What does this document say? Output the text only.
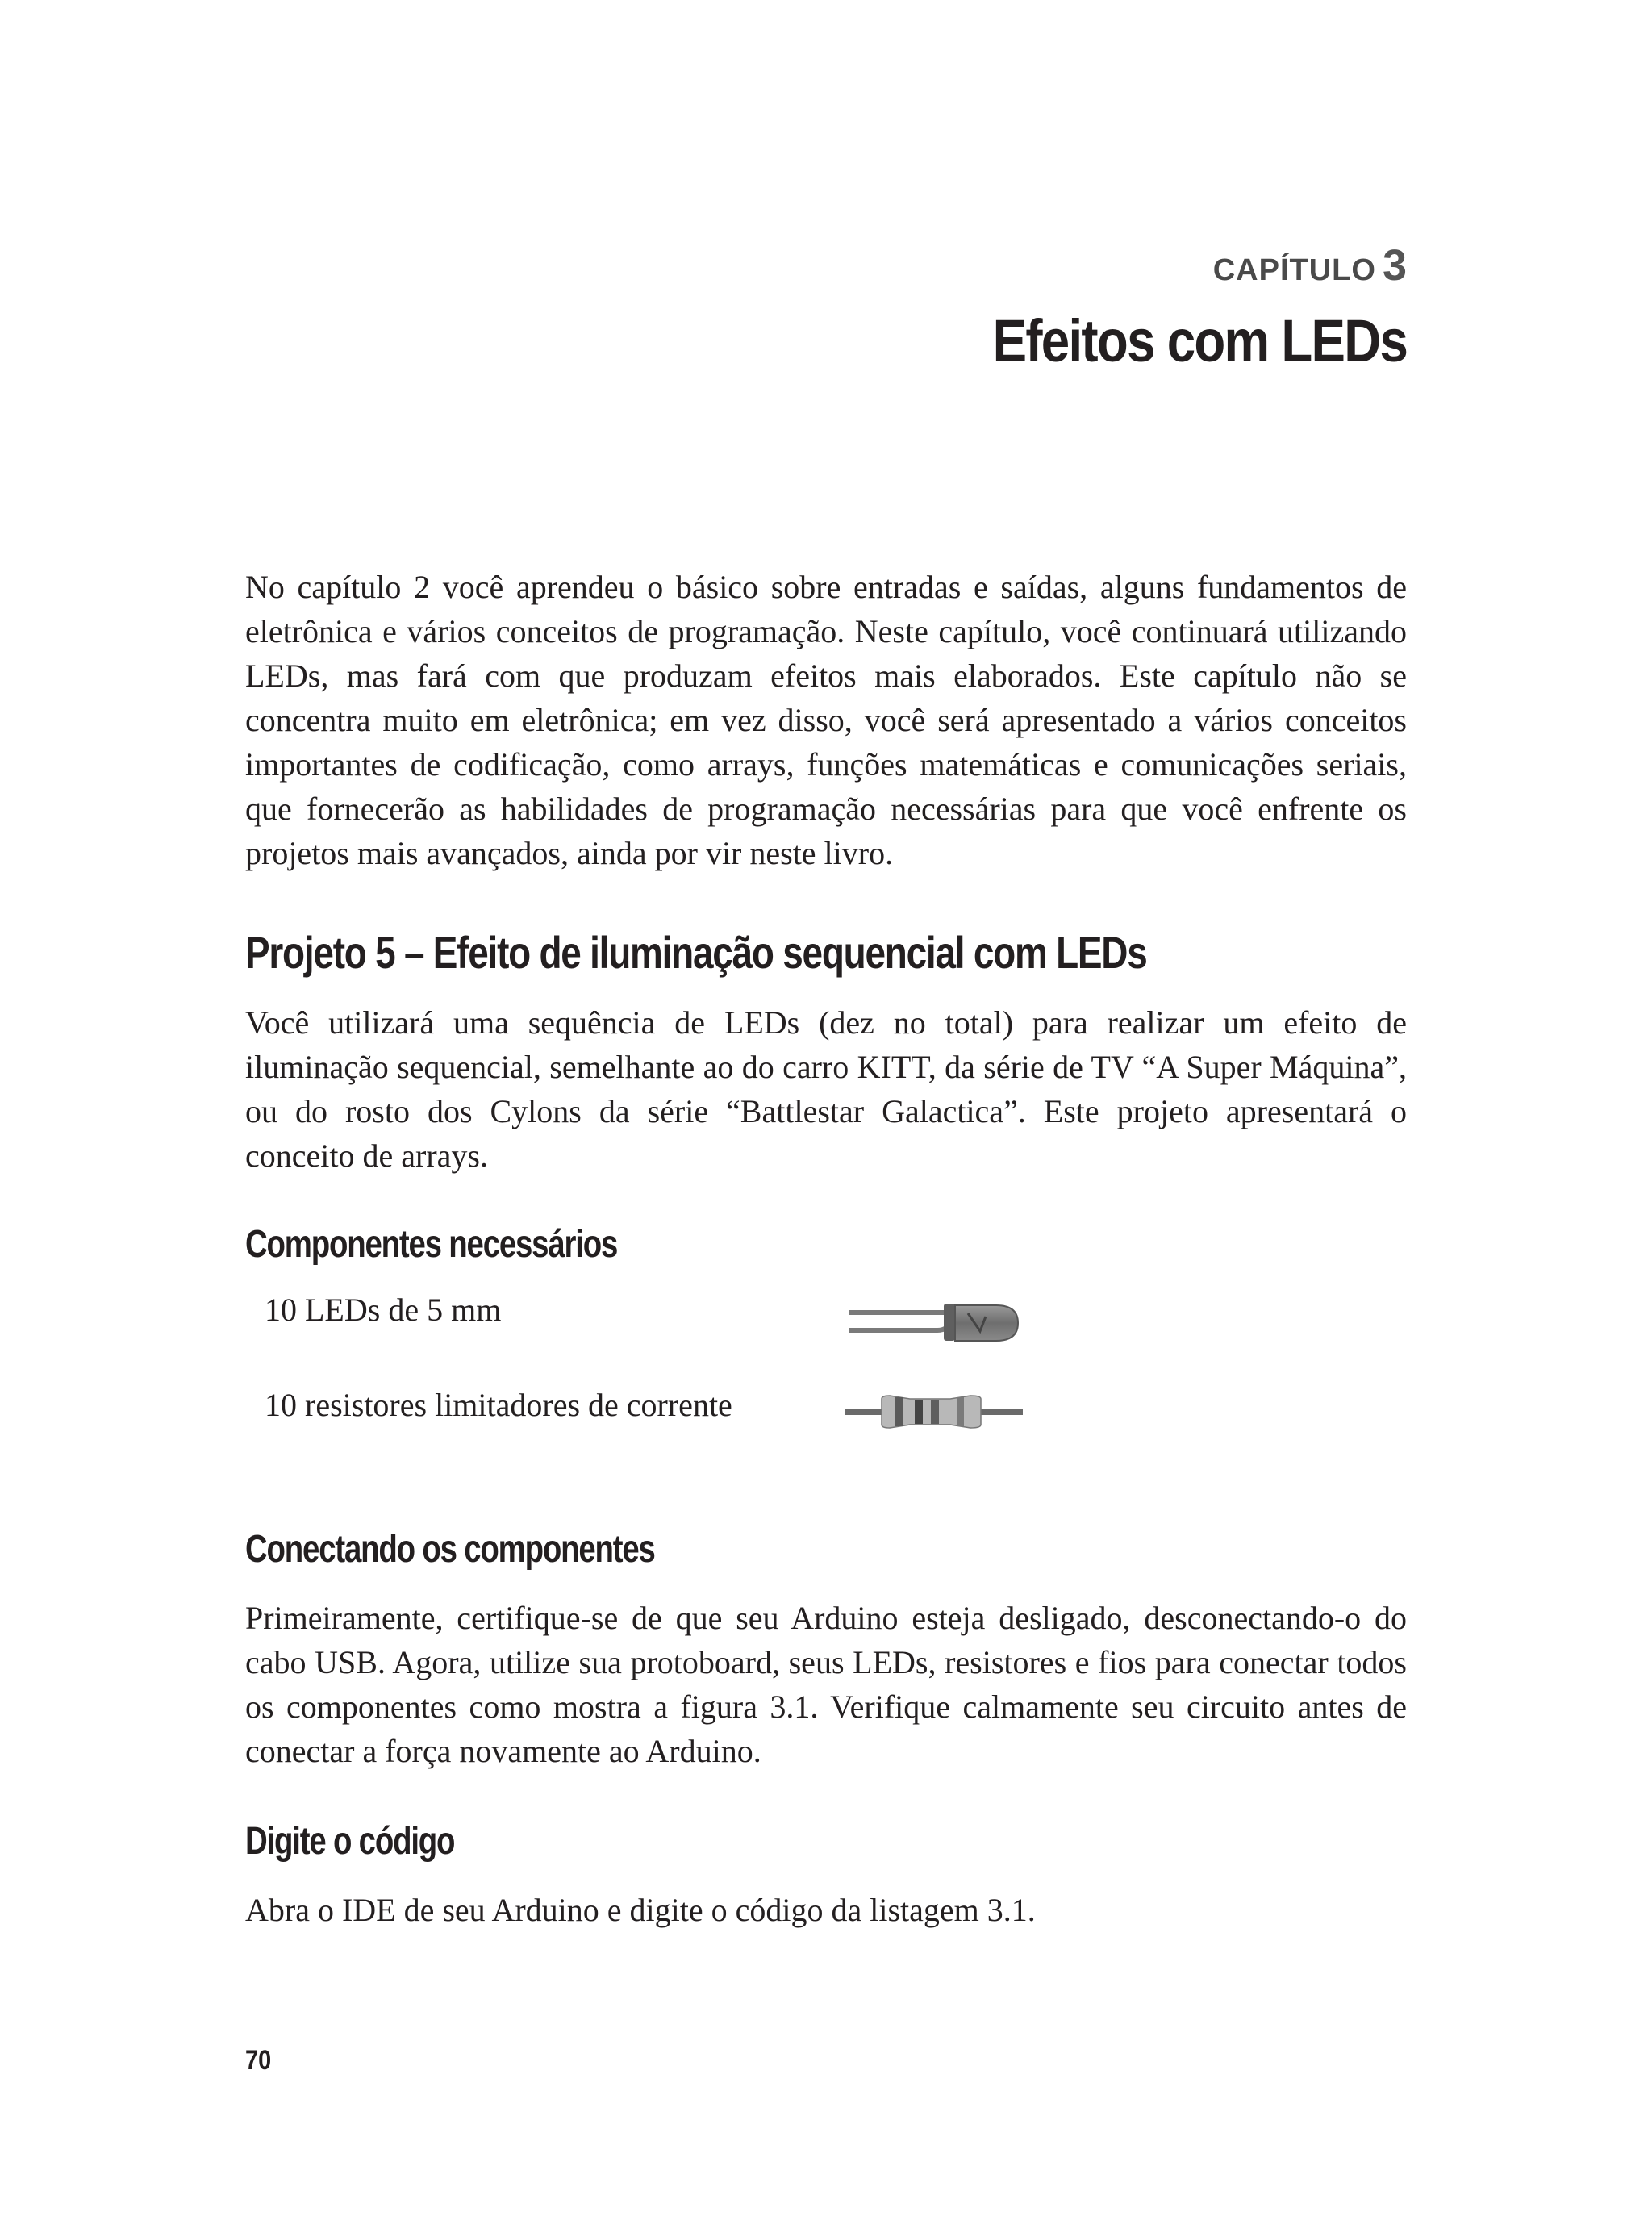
CAPÍTULO 3
Efeitos com LEDs

No capítulo 2 você aprendeu o básico sobre entradas e saídas, alguns fundamentos de eletrônica e vários conceitos de programação. Neste capítulo, você continuará utilizando LEDs, mas fará com que produzam efeitos mais elaborados. Este capítulo não se concentra muito em eletrônica; em vez disso, você será apresentado a vários conceitos importantes de codificação, como arrays, funções matemáticas e comunicações seriais, que fornecerão as habilidades de programação necessárias para que você enfrente os projetos mais avançados, ainda por vir neste livro.

Projeto 5 – Efeito de iluminação sequencial com LEDs

Você utilizará uma sequência de LEDs (dez no total) para realizar um efeito de iluminação sequencial, semelhante ao do carro KITT, da série de TV “A Super Máquina”, ou do rosto dos Cylons da série “Battlestar Galactica”. Este projeto apresentará o conceito de arrays.

Componentes necessários
10 LEDs de 5 mm
10 resistores limitadores de corrente
Conectando os componentes

Primeiramente, certifique-se de que seu Arduino esteja desligado, desconectando-o do cabo USB. Agora, utilize sua protoboard, seus LEDs, resistores e fios para conectar todos os componentes como mostra a figura 3.1. Verifique calmamente seu circuito antes de conectar a força novamente ao Arduino.

Digite o código

Abra o IDE de seu Arduino e digite o código da listagem 3.1.

70
